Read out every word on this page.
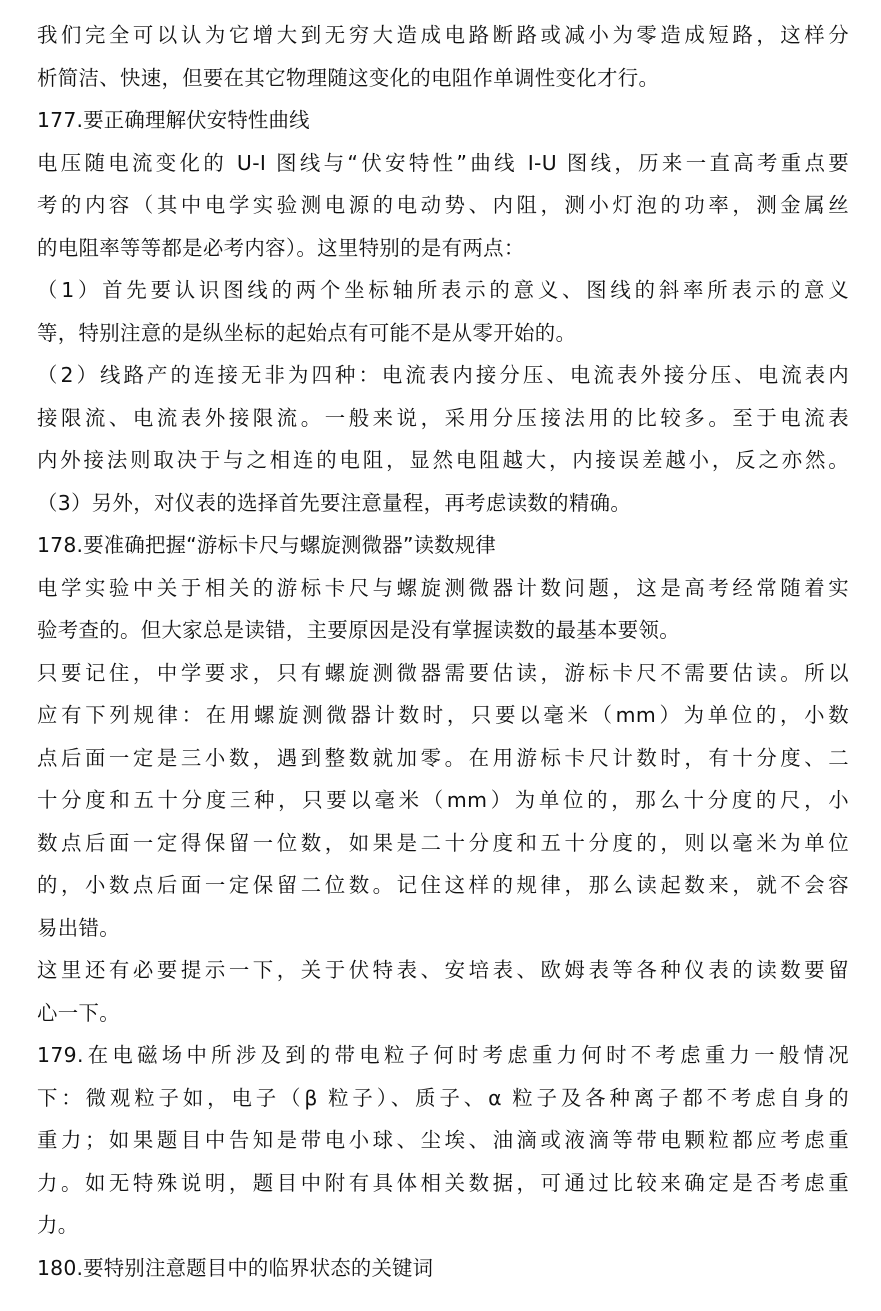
我们完全可以认为它增大到无穷大造成电路断路或减小为零造成短路，这样分
析简洁、快速，但要在其它物理随这变化的电阻作单调性变化才行。
177.要正确理解伏安特性曲线
电压随电流变化的 U-I 图线与“伏安特性”曲线 I-U 图线，历来一直高考重点要
考的内容（其中电学实验测电源的电动势、内阻，测小灯泡的功率，测金属丝
的电阻率等等都是必考内容）。这里特别的是有两点：
（1）首先要认识图线的两个坐标轴所表示的意义、图线的斜率所表示的意义
等，特别注意的是纵坐标的起始点有可能不是从零开始的。
（2）线路产的连接无非为四种：电流表内接分压、电流表外接分压、电流表内
接限流、电流表外接限流。一般来说，采用分压接法用的比较多。至于电流表
内外接法则取决于与之相连的电阻，显然电阻越大，内接误差越小，反之亦然。
（3）另外，对仪表的选择首先要注意量程，再考虑读数的精确。
178.要准确把握“游标卡尺与螺旋测微器”读数规律
电学实验中关于相关的游标卡尺与螺旋测微器计数问题，这是高考经常随着实
验考查的。但大家总是读错，主要原因是没有掌握读数的最基本要领。
只要记住，中学要求，只有螺旋测微器需要估读，游标卡尺不需要估读。所以
应有下列规律：在用螺旋测微器计数时，只要以毫米（mm）为单位的，小数
点后面一定是三小数，遇到整数就加零。在用游标卡尺计数时，有十分度、二
十分度和五十分度三种，只要以毫米（mm）为单位的，那么十分度的尺，小
数点后面一定得保留一位数，如果是二十分度和五十分度的，则以毫米为单位
的，小数点后面一定保留二位数。记住这样的规律，那么读起数来，就不会容
易出错。
这里还有必要提示一下，关于伏特表、安培表、欧姆表等各种仪表的读数要留
心一下。
179.在电磁场中所涉及到的带电粒子何时考虑重力何时不考虑重力一般情况
下：微观粒子如，电子（β 粒子）、质子、α 粒子及各种离子都不考虑自身的
重力；如果题目中告知是带电小球、尘埃、油滴或液滴等带电颗粒都应考虑重
力。如无特殊说明，题目中附有具体相关数据，可通过比较来确定是否考虑重
力。
180.要特别注意题目中的临界状态的关键词
